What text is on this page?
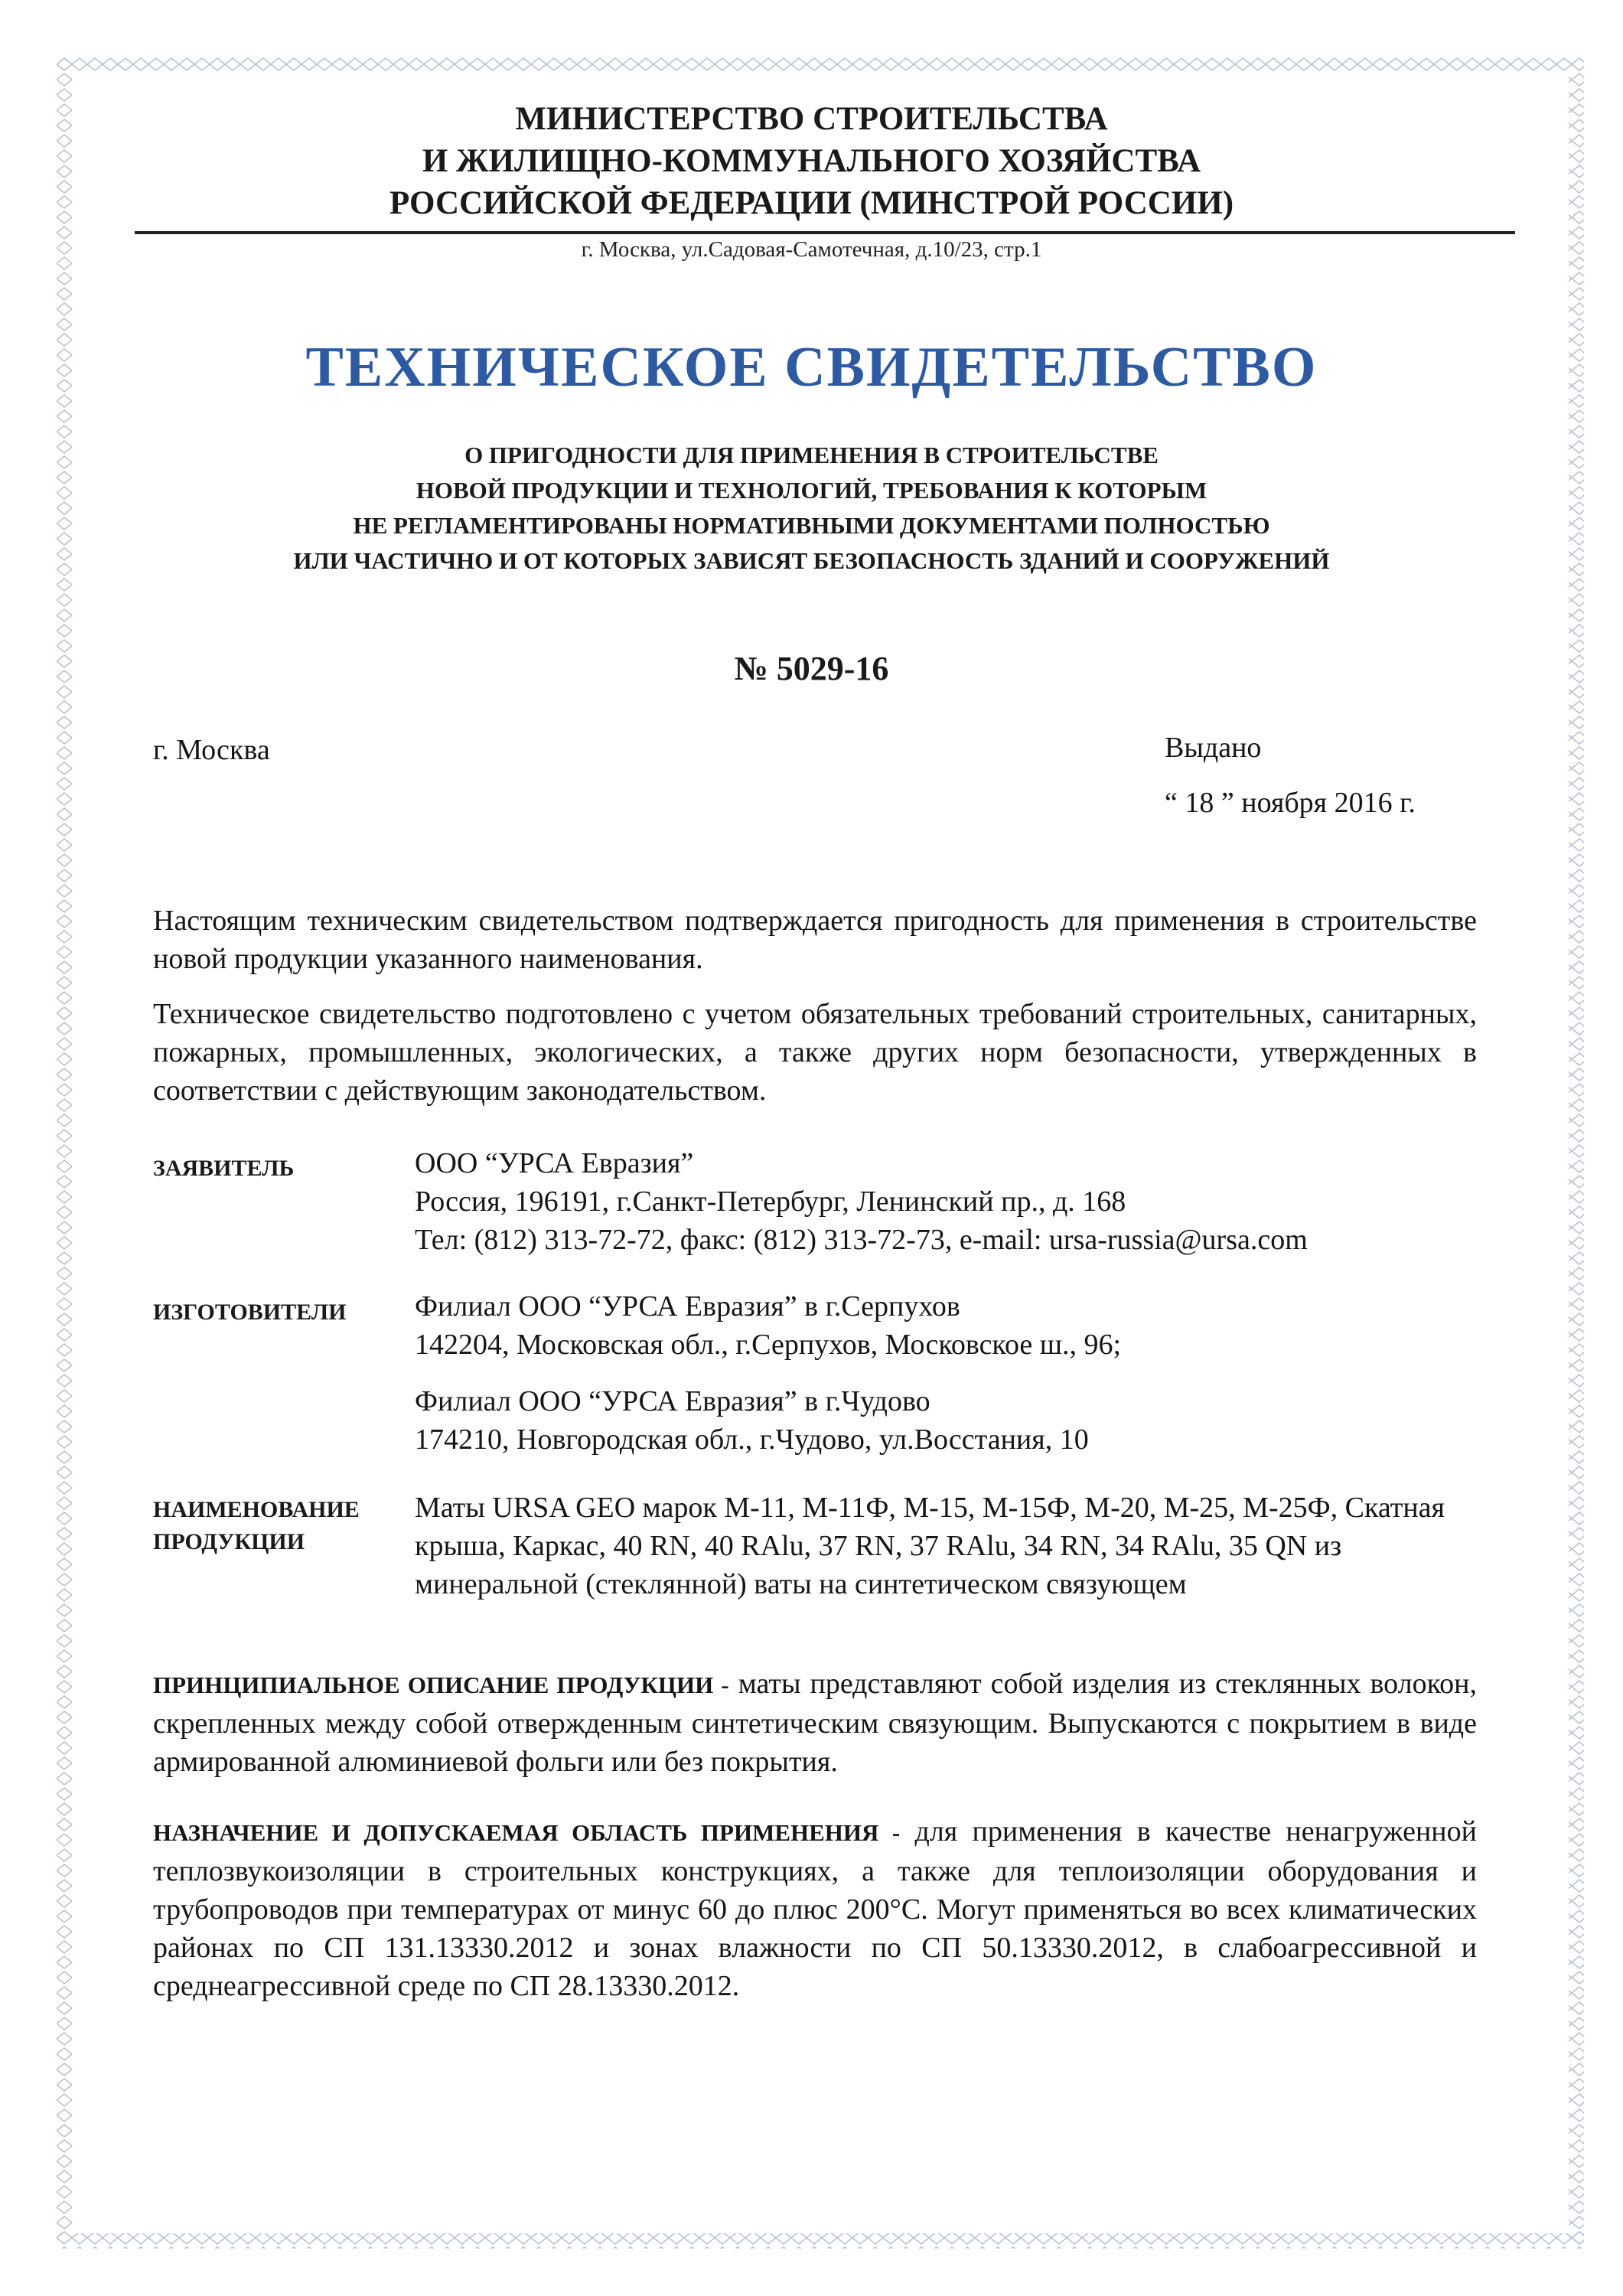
МИНИСТЕРСТВО СТРОИТЕЛЬСТВА
И ЖИЛИЩНО-КОММУНАЛЬНОГО ХОЗЯЙСТВА
РОССИЙСКОЙ ФЕДЕРАЦИИ (МИНСТРОЙ РОССИИ)
г. Москва, ул.Садовая-Самотечная, д.10/23, стр.1
ТЕХНИЧЕСКОЕ СВИДЕТЕЛЬСТВО
О ПРИГОДНОСТИ ДЛЯ ПРИМЕНЕНИЯ В СТРОИТЕЛЬСТВЕ
НОВОЙ ПРОДУКЦИИ И ТЕХНОЛОГИЙ, ТРЕБОВАНИЯ К КОТОРЫМ
НЕ РЕГЛАМЕНТИРОВАНЫ НОРМАТИВНЫМИ ДОКУМЕНТАМИ ПОЛНОСТЬЮ
ИЛИ ЧАСТИЧНО И ОТ КОТОРЫХ ЗАВИСЯТ БЕЗОПАСНОСТЬ ЗДАНИЙ И СООРУЖЕНИЙ
№ 5029-16
г. Москва	Выдано
“ 18 ” ноября 2016 г.

Настоящим техническим свидетельством подтверждается пригодность для применения в строительстве новой продукции указанного наименования.

Техническое свидетельство подготовлено с учетом обязательных требований строительных, санитарных, пожарных, промышленных, экологических, а также других норм безопасности, утвержденных в соответствии с действующим законодательством.

ЗАЯВИТЕЛЬ	ООО “УРСА Евразия”
Россия, 196191, г.Санкт-Петербург, Ленинский пр., д. 168
Тел: (812) 313-72-72, факс: (812) 313-72-73, e-mail: ursa-russia@ursa.com
ИЗГОТОВИТЕЛИ Филиал ООО “УРСА Евразия” в г.Серпухов
142204, Московская обл., г.Серпухов, Московское ш., 96;
Филиал ООО “УРСА Евразия” в г.Чудово
174210, Новгородская обл., г.Чудово, ул.Восстания, 10
НАИМЕНОВАНИЕ
ПРОДУКЦИИ
Маты URSA GEO марок М-11, М-11Ф, М-15, М-15Ф, М-20, М-25, М-25Ф, Скатная крыша, Каркас, 40 RN, 40 RAlu, 37 RN, 37 RAlu, 34 RN, 34 RAlu, 35 QN из минеральной (стеклянной) ваты на синтетическом связующем

ПРИНЦИПИАЛЬНОЕ ОПИСАНИЕ ПРОДУКЦИИ - маты представляют собой изделия из стеклянных волокон, скрепленных между собой отвержденным синтетическим связующим. Выпускаются с покрытием в виде армированной алюминиевой фольги или без покрытия.

НАЗНАЧЕНИЕ И ДОПУСКАЕМАЯ ОБЛАСТЬ ПРИМЕНЕНИЯ - для применения в качестве ненагруженной теплозвукоизоляции в строительных конструкциях, а также для теплоизоляции оборудования и трубопроводов при температурах от минус 60 до плюс 200°С. Могут применяться во всех климатических районах по СП 131.13330.2012 и зонах влажности по СП 50.13330.2012, в слабоагрессивной и среднеагрессивной среде по СП 28.13330.2012.
